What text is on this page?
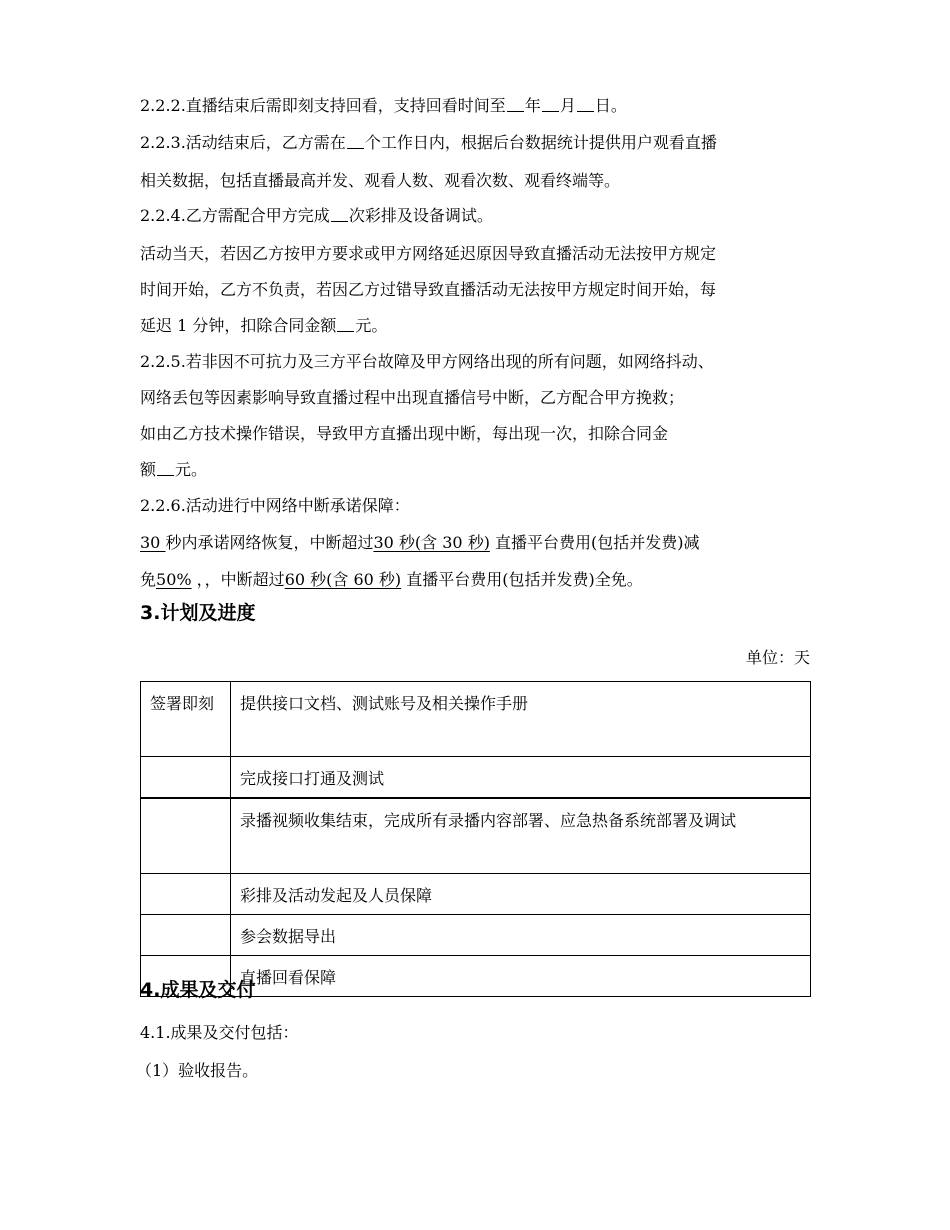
2.2.2.直播结束后需即刻支持回看，支持回看时间至 年 月 日。
2.2.3.活动结束后，乙方需在 个工作日内，根据后台数据统计提供用户观看直播
相关数据，包括直播最高并发、观看人数、观看次数、观看终端等。
2.2.4.乙方需配合甲方完成 次彩排及设备调试。
活动当天，若因乙方按甲方要求或甲方网络延迟原因导致直播活动无法按甲方规定
时间开始，乙方不负责，若因乙方过错导致直播活动无法按甲方规定时间开始，每
延迟 1 分钟，扣除合同金额 元。
2.2.5.若非因不可抗力及三方平台故障及甲方网络出现的所有问题，如网络抖动、
网络丢包等因素影响导致直播过程中出现直播信号中断，乙方配合甲方挽救；
如由乙方技术操作错误，导致甲方直播出现中断，每出现一次，扣除合同金
额 元。
2.2.6.活动进行中网络中断承诺保障：
30 秒内承诺网络恢复，中断超过30 秒(含 30 秒) 直播平台费用(包括并发费)减
免50% ，，中断超过60 秒(含 60 秒) 直播平台费用(包括并发费)全免。
3.计划及进度
单位：天
签署即刻	提供接口文档、测试账号及相关操作手册
	完成接口打通及测试
	录播视频收集结束，完成所有录播内容部署、应急热备系统部署及调试
	彩排及活动发起及人员保障
	参会数据导出
	直播回看保障
4.成果及交付
4.1.成果及交付包括：
（1）验收报告。
